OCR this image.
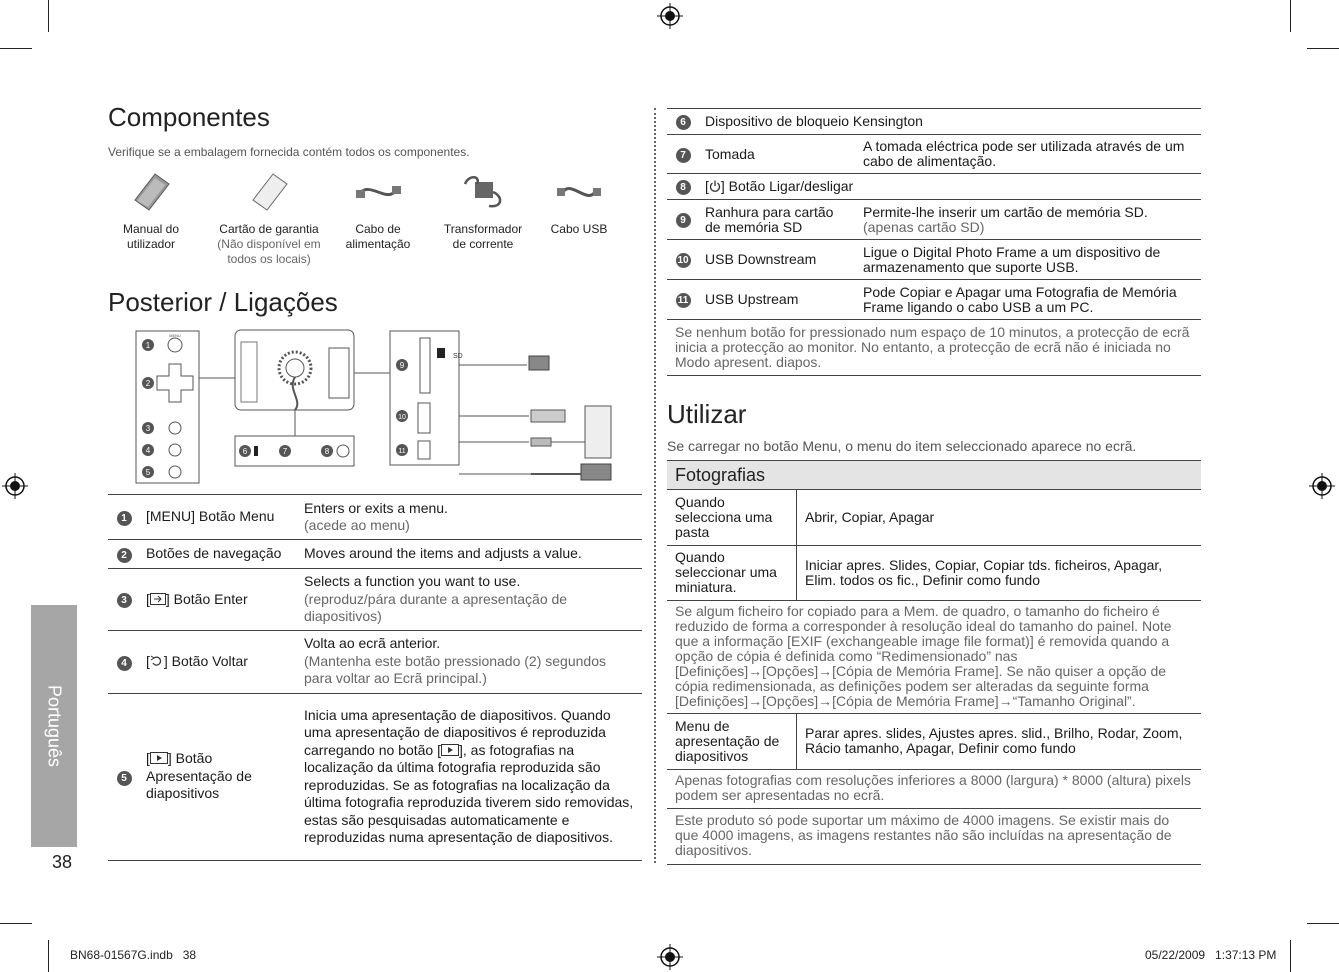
Componentes
Verifique se a embalagem fornecida contém todos os componentes.
Manual do
utilizador
Cartão de garantia
(Não disponível em
todos os locais)
Cabo de
alimentação
Transformador
de corrente
Cabo USB
Posterior / Ligações
1
MENU
2
3
4
5
6	7	8
9
SD
10
11
1	[MENU] Botão Menu	Enters or exits a menu.
(acede ao menu)

2	Botões de navegação	Moves around the items and adjusts a value.
3	[ ] Botão Enter	Selects a function you want to use.
(reproduz/pára durante a apresentação de diapositivos)

4	[ ] Botão Voltar	Volta ao ecrã anterior.
(Mantenha este botão pressionado (2) segundos para voltar ao Ecrã principal.)

5	[ ] Botão Apresentação de diapositivos	Inicia uma apresentação de diapositivos. Quando uma apresentação de diapositivos é reproduzida carregando no botão [ ], as fotografias na localização da última fotografia reproduzida são reproduzidas. Se as fotografias na localização da última fotografia reproduzida tiverem sido removidas, estas são pesquisadas automaticamente e reproduzidas numa apresentação de diapositivos.
6	Dispositivo de bloqueio Kensington	
7	Tomada	A tomada eléctrica pode ser utilizada através de um cabo de alimentação.
8	[ ] Botão Ligar/desligar	
9	Ranhura para cartão de memória SD	Permite-lhe inserir um cartão de memória SD.
(apenas cartão SD)

10	USB Downstream	Ligue o Digital Photo Frame a um dispositivo de armazenamento que suporte USB.
11	USB Upstream	Pode Copiar e Apagar uma Fotografia de Memória Frame ligando o cabo USB a um PC.
Se nenhum botão for pressionado num espaço de 10 minutos, a protecção de ecrã inicia a protecção ao monitor. No entanto, a protecção de ecrã não é iniciada no Modo apresent. diapos.
Utilizar
Se carregar no botão Menu, o menu do item seleccionado aparece no ecrã.
Fotografias
Quando selecciona uma pasta	Abrir, Copiar, Apagar
Quando seleccionar uma miniatura.	Iniciar apres. Slides, Copiar, Copiar tds. ficheiros, Apagar, Elim. todos os fic., Definir como fundo
Se algum ficheiro for copiado para a Mem. de quadro, o tamanho do ficheiro é reduzido de forma a corresponder à resolução ideal do tamanho do painel. Note que a informação [EXIF (exchangeable image file format)] é removida quando a opção de cópia é definida como “Redimensionado” nas [Definições]→[Opções]→[Cópia de Memória Frame]. Se não quiser a opção de cópia redimensionada, as definições podem ser alteradas da seguinte forma [Definições]→[Opções]→[Cópia de Memória Frame]→“Tamanho Original”.
Menu de apresentação de diapositivos	Parar apres. slides, Ajustes apres. slid., Brilho, Rodar, Zoom, Rácio tamanho, Apagar, Definir como fundo
Apenas fotografias com resoluções inferiores a 8000 (largura) * 8000 (altura) pixels podem ser apresentadas no ecrã.
Este produto só pode suportar um máximo de 4000 imagens. Se existir mais do que 4000 imagens, as imagens restantes não são incluídas na apresentação de diapositivos.
Português
38
BN68-01567G.indb   38	05/22/2009   1:37:13 PM
